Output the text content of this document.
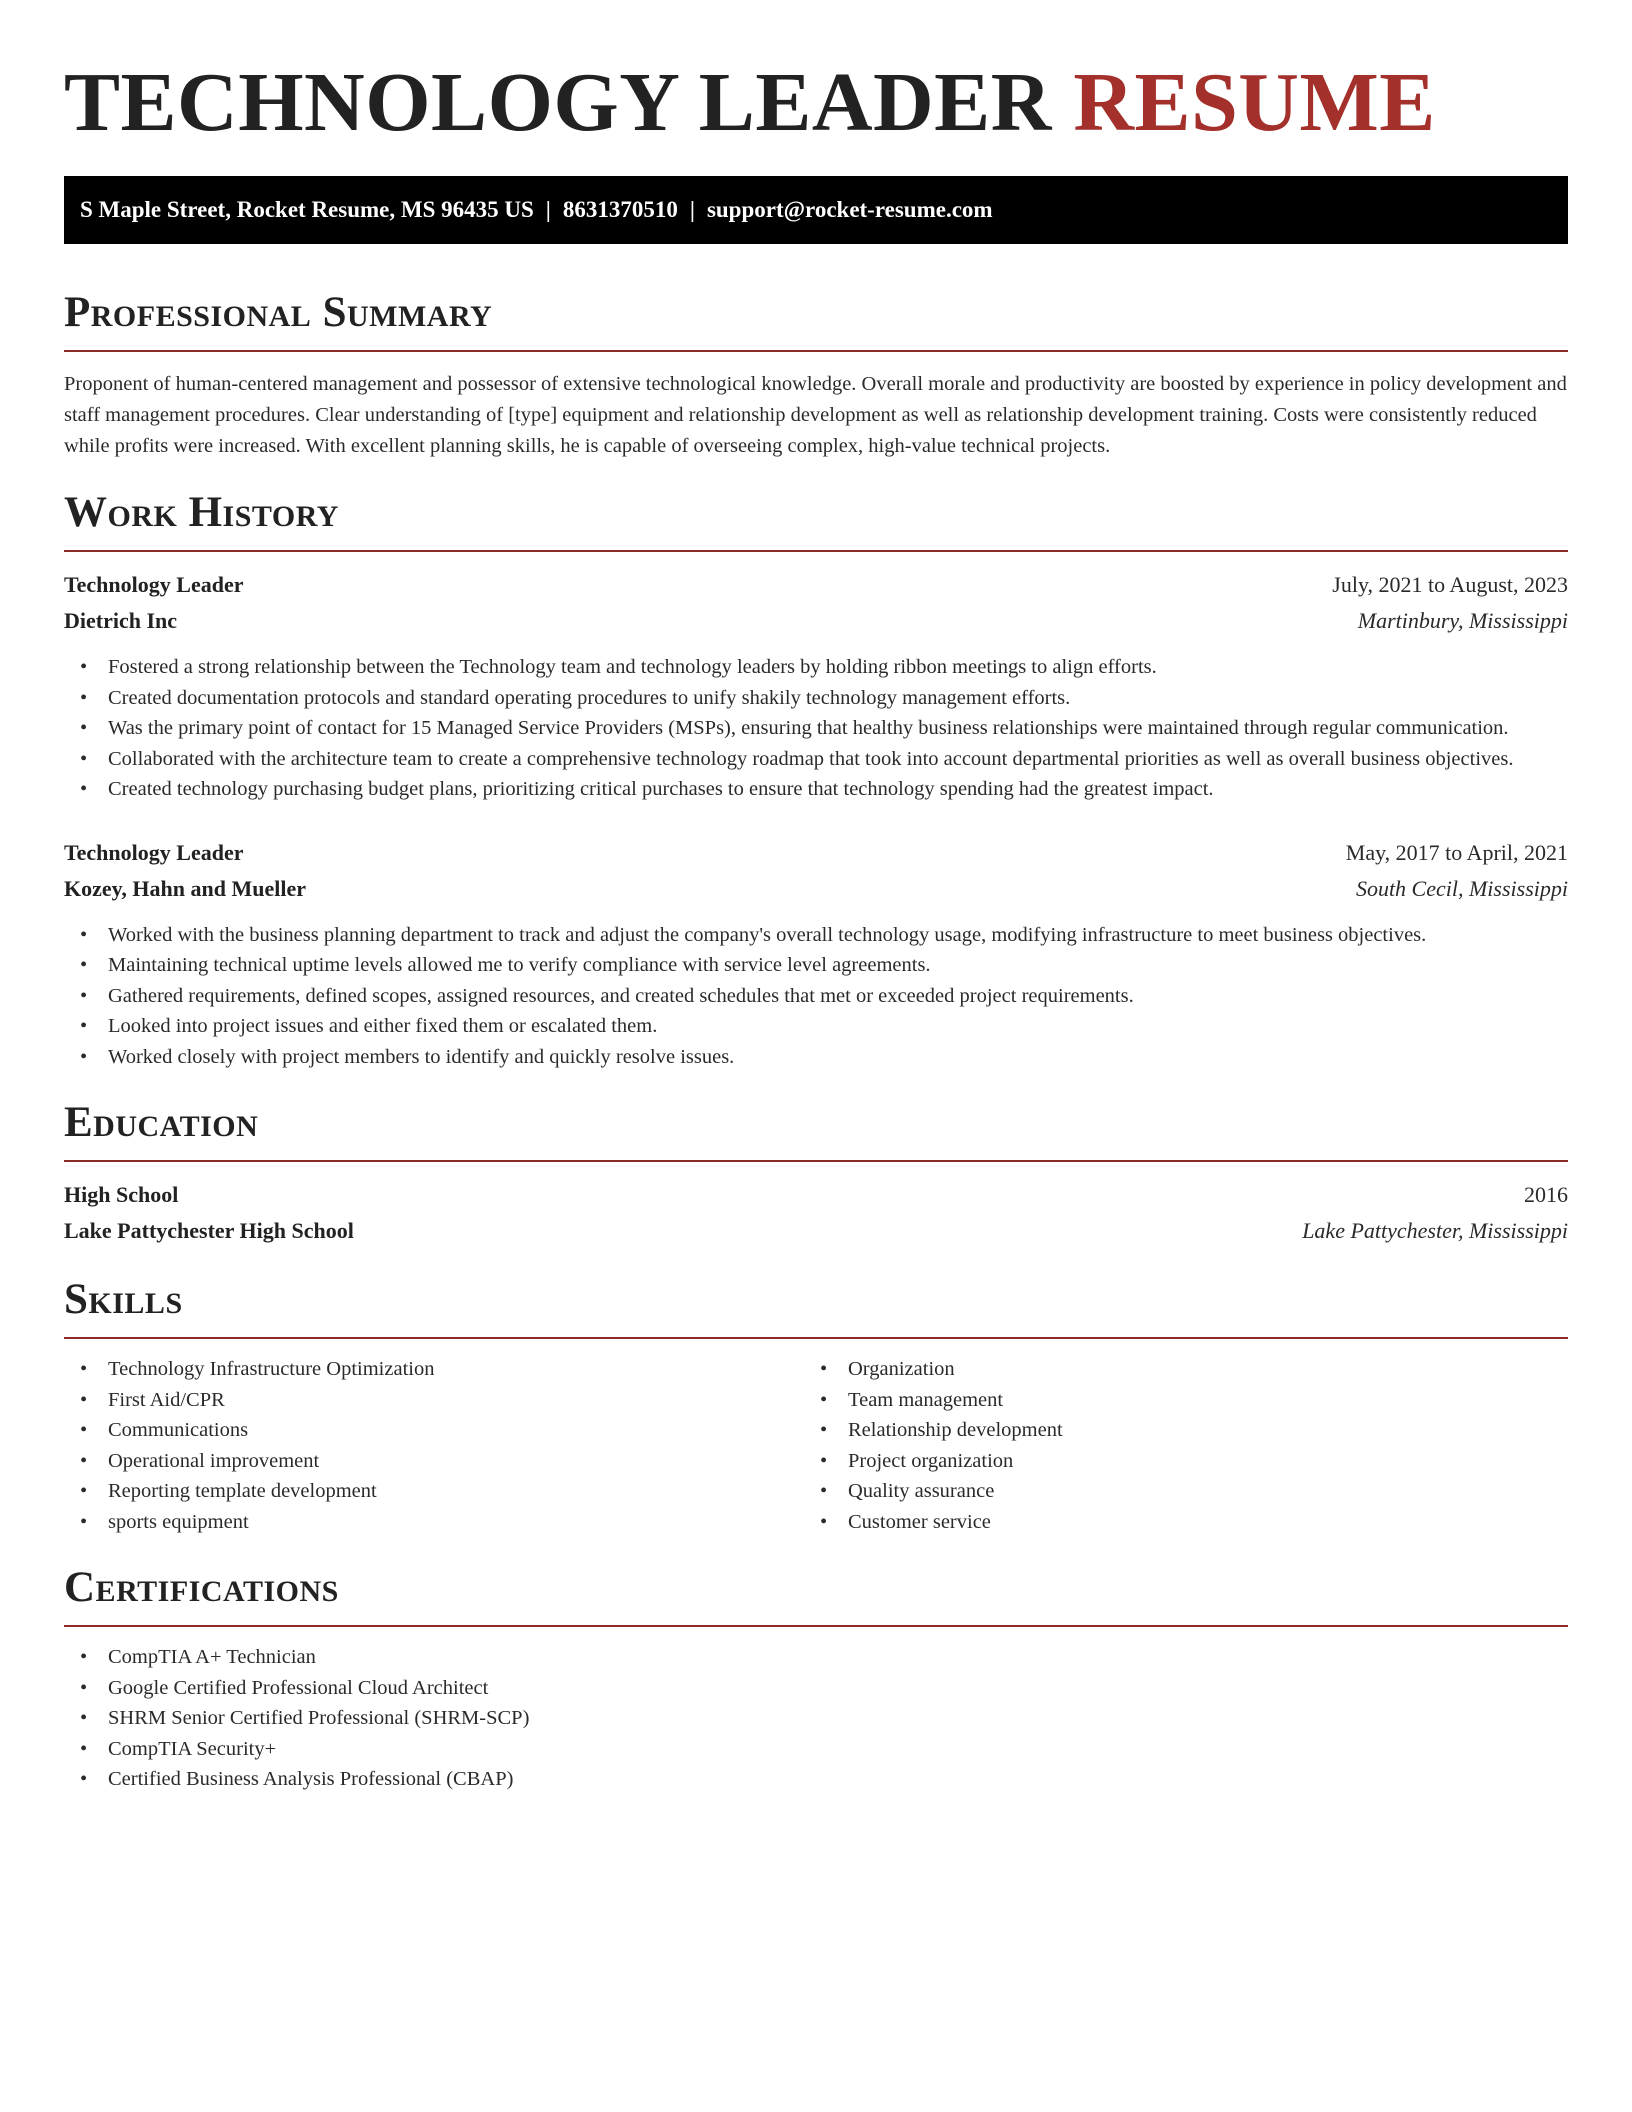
TECHNOLOGY LEADER RESUME
S Maple Street, Rocket Resume, MS 96435 US | 8631370510 | support@rocket-resume.com
Professional Summary

Proponent of human-centered management and possessor of extensive technological knowledge. Overall morale and productivity are boosted by experience in policy development and staff management procedures. Clear understanding of [type] equipment and relationship development as well as relationship development training. Costs were consistently reduced while profits were increased. With excellent planning skills, he is capable of overseeing complex, high-value technical projects.

Work History
Technology Leader	July, 2021 to August, 2023
Dietrich Inc	Martinbury, Mississippi
• Fostered a strong relationship between the Technology team and technology leaders by holding ribbon meetings to align efforts.
• Created documentation protocols and standard operating procedures to unify shakily technology management efforts.
• Was the primary point of contact for 15 Managed Service Providers (MSPs), ensuring that healthy business relationships were maintained through regular communication.
• Collaborated with the architecture team to create a comprehensive technology roadmap that took into account departmental priorities as well as overall business objectives.
• Created technology purchasing budget plans, prioritizing critical purchases to ensure that technology spending had the greatest impact.
Technology Leader	May, 2017 to April, 2021
Kozey, Hahn and Mueller	South Cecil, Mississippi
• Worked with the business planning department to track and adjust the company's overall technology usage, modifying infrastructure to meet business objectives.
• Maintaining technical uptime levels allowed me to verify compliance with service level agreements.
• Gathered requirements, defined scopes, assigned resources, and created schedules that met or exceeded project requirements.
• Looked into project issues and either fixed them or escalated them.
• Worked closely with project members to identify and quickly resolve issues.
Education
High School	2016
Lake Pattychester High School	Lake Pattychester, Mississippi
Skills
• Technology Infrastructure Optimization
• First Aid/CPR
• Communications
• Operational improvement
• Reporting template development
• sports equipment
• Organization
• Team management
• Relationship development
• Project organization
• Quality assurance
• Customer service
Certifications
• CompTIA A+ Technician
• Google Certified Professional Cloud Architect
• SHRM Senior Certified Professional (SHRM-SCP)
• CompTIA Security+
• Certified Business Analysis Professional (CBAP)
